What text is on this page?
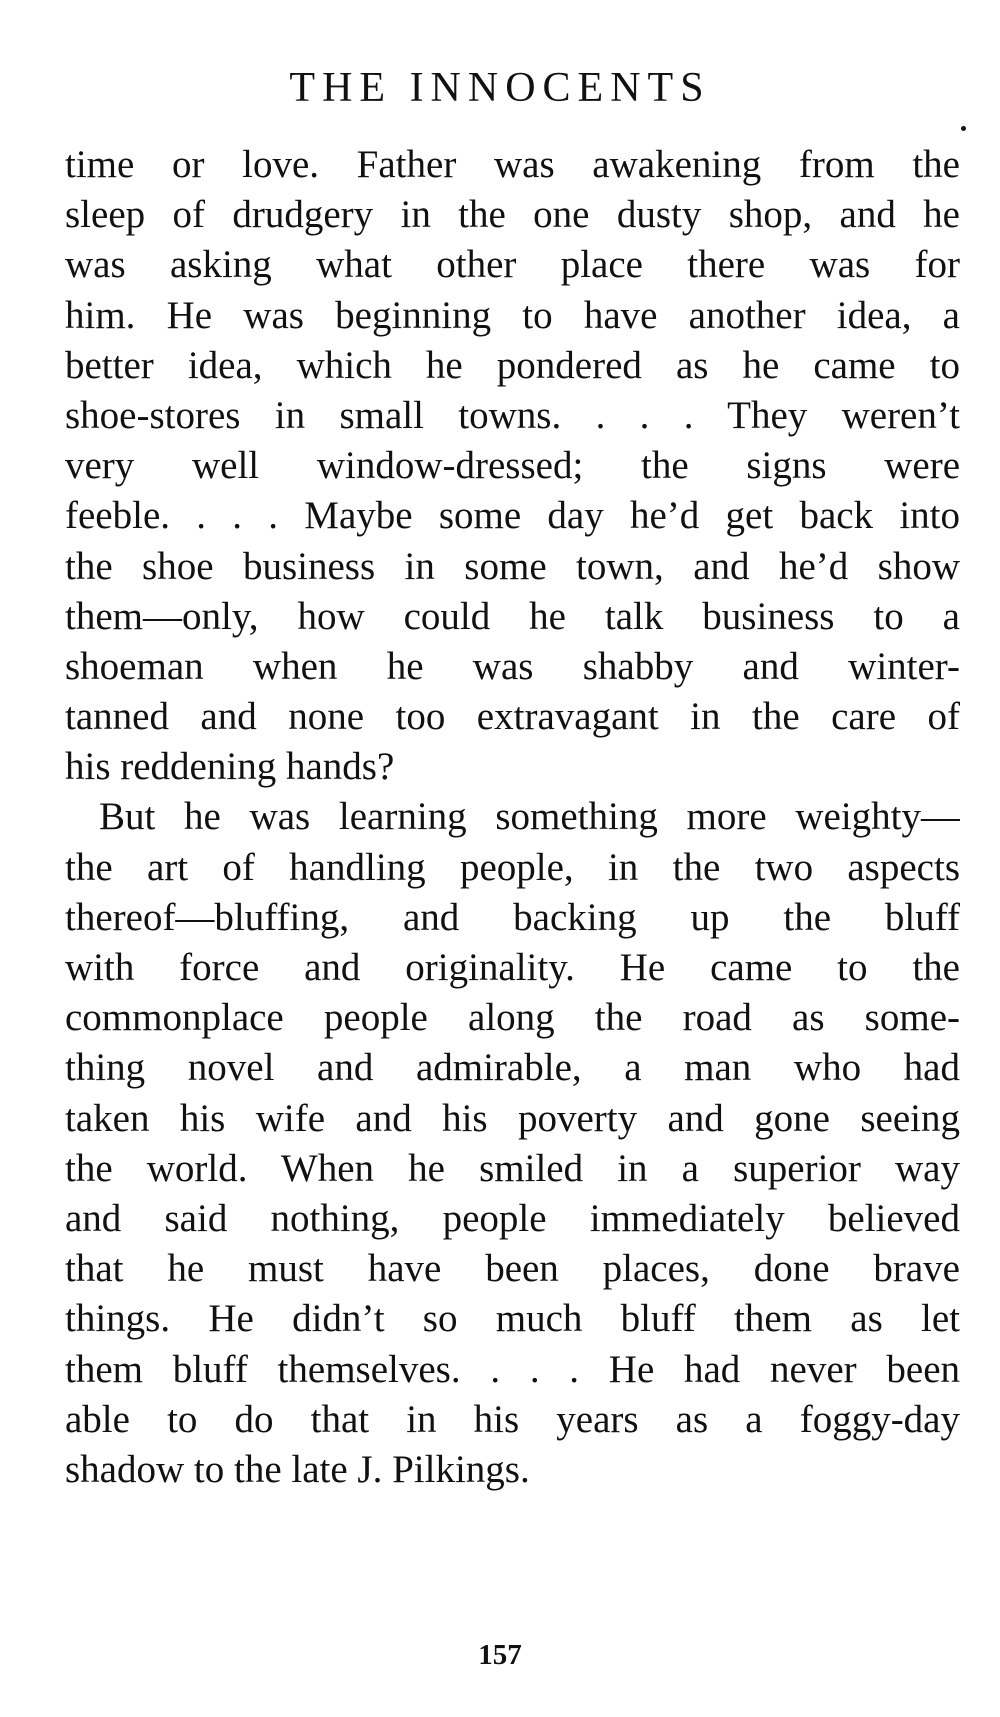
THE INNOCENTS
time or love. Father was awakening from the
sleep of drudgery in the one dusty shop, and he
was asking what other place there was for
him. He was beginning to have another idea, a
better idea, which he pondered as he came to
shoe-stores in small towns. . . . They weren’t
very well window-dressed; the signs were
feeble. . . . Maybe some day he’d get back into
the shoe business in some town, and he’d show
them—only, how could he talk business to a
shoeman when he was shabby and winter-
tanned and none too extravagant in the care of
his reddening hands?
But he was learning something more weighty—
the art of handling people, in the two aspects
thereof—bluffing, and backing up the bluff
with force and originality. He came to the
commonplace people along the road as some-
thing novel and admirable, a man who had
taken his wife and his poverty and gone seeing
the world. When he smiled in a superior way
and said nothing, people immediately believed
that he must have been places, done brave
things. He didn’t so much bluff them as let
them bluff themselves. . . . He had never been
able to do that in his years as a foggy-day
shadow to the late J. Pilkings.
157
